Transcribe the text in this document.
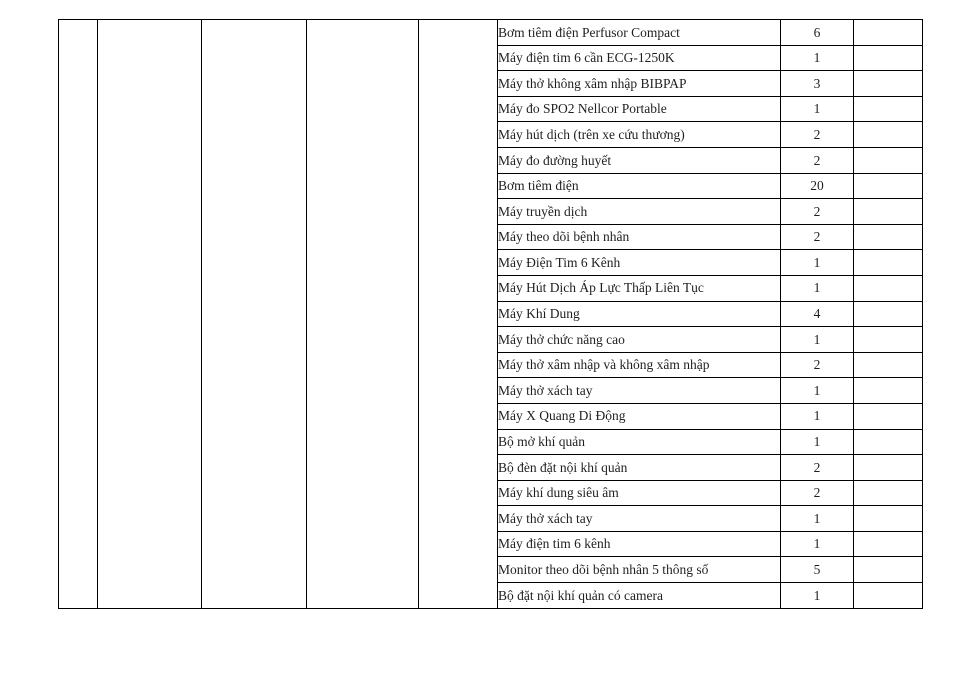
					Bơm tiêm điện Perfusor Compact	6	
					Máy điện tim 6 cần ECG-1250K	1	
					Máy thở không xâm nhập BIBPAP	3	
					Máy đo SPO2 Nellcor Portable	1	
					Máy hút dịch (trên xe cứu thương)	2	
					Máy đo đường huyết	2	
					Bơm tiêm điện	20	
					Máy truyền dịch	2	
					Máy theo dõi bệnh nhân	2	
					Máy Điện Tim 6 Kênh	1	
					Máy Hút Dịch Áp Lực Thấp Liên Tục	1	
					Máy Khí Dung	4	
					Máy thở chức năng cao	1	
					Máy thở xâm nhập và không xâm nhập	2	
					Máy thở xách tay	1	
					Máy X Quang Di Động	1	
					Bộ mở khí quản	1	
					Bộ đèn đặt nội khí quản	2	
					Máy khí dung siêu âm	2	
					Máy thở xách tay	1	
					Máy điện tim 6 kênh	1	
					Monitor theo dõi bệnh nhân 5 thông số	5	
					Bộ đặt nội khí quản có camera	1	
